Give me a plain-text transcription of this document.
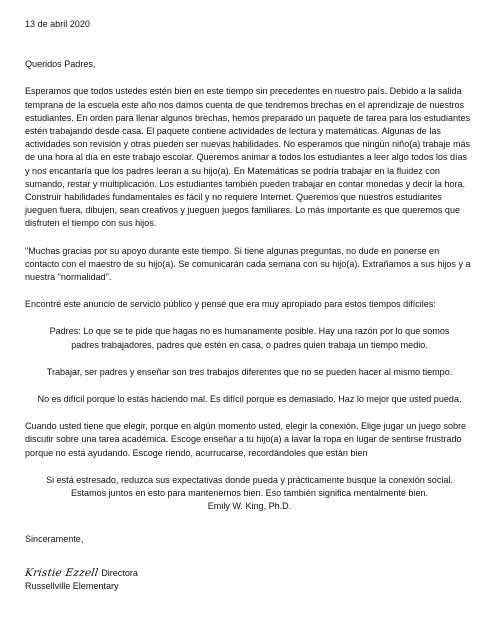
13 de abril 2020

Queridos Padres,

Esperamos que todos ustedes estén bien en este tiempo sin precedentes en nuestro país. Debido a la salida temprana de la escuela este año nos damos cuenta de que tendremos brechas en el aprendizaje de nuestros estudiantes. En orden para llenar algunos brechas, hemos preparado un paquete de tarea para los estudiantes estén trabajando desde casa. El paquete contiene actividades de lectura y matemáticas. Algunas de las actividades son revisión y otras pueden ser nuevas habilidades. No esperamos que ningún niño(a) trabaje más de una hora al día en este trabajo escolar. Queremos animar a todos los estudiantes a leer algo todos los días y nos encantaría que los padres leeran a su hijo(a). En Matemáticas se podría trabajar en la fluidez con sumando, restar y multiplicación. Los estudiantes también pueden trabajar en contar monedas y decir la hora. Construir habilidades fundamentales es fácil y no requiere Internet. Queremos que nuestros estudiantes jueguen fuera, dibujen, sean creativos y jueguen juegos familiares. Lo más importante es que queremos que disfruten el tiempo con sus hijos.

"Muchas gracias por su apoyo durante este tiempo. Si tiene algunas preguntas, no dude en ponerse en contacto con el maestro de su hijo(a). Se comunicarán cada semana con su hijo(a). Extrañamos a sus hijos y a nuestra "normalidad".

Encontré este anuncio de servicio público y pensé que era muy apropiado para estos tiempos difíciles:

Padres: Lo que se te pide que hagas no es humanamente posible. Hay una razón por lo que somos padres trabajadores, padres que estén en casa, o padres quien trabaja un tiempo medio.

Trabajar, ser padres y enseñar son tres trabajos diferentes que no se pueden hacer al mismo tiempo.

No es difícil porque lo estás haciendo mal. Es difícil porque es demasiado. Haz lo mejor que usted pueda.

Cuando usted tiene que elegir, porque en algún momento usted, elegir la conexión. Elige jugar un juego sobre discutir sobre una tarea académica. Escoge enseñar a tu hijo(a) a lavar la ropa en lugar de sentirse frustrado porque no está ayudando. Escoge riendo, acurrucarse, recordándoles que están bien

Si está estresado, reduzca sus expectativas donde pueda y prácticamente busque la conexión social.
Estamos juntos en esto para mantenernos bien. Eso también significa mentalmente bien.
Emily W. King, Ph.D.

Sinceramente,

Kristie Ezzell Directora

Russellville Elementary
